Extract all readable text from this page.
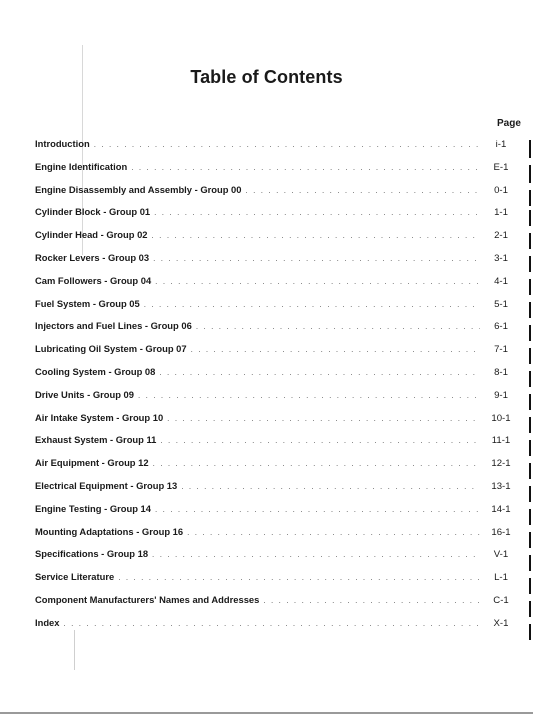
Table of Contents
Page
Introduction . . .	i-1
Engine Identification . . .	E-1
Engine Disassembly and Assembly - Group 00 . . .	0-1
Cylinder Block - Group 01 . . .	1-1
Cylinder Head - Group 02 . . .	2-1
Rocker Levers - Group 03 . . .	3-1
Cam Followers - Group 04 . . .	4-1
Fuel System - Group 05 . . .	5-1
Injectors and Fuel Lines - Group 06 . . .	6-1
Lubricating Oil System - Group 07 . . .	7-1
Cooling System - Group 08 . . .	8-1
Drive Units - Group 09 . . .	9-1
Air Intake System - Group 10 . . .	10-1
Exhaust System - Group 11 . . .	11-1
Air Equipment - Group 12 . . .	12-1
Electrical Equipment - Group 13 . . .	13-1
Engine Testing - Group 14 . . .	14-1
Mounting Adaptations - Group 16 . . .	16-1
Specifications - Group 18 . . .	V-1
Service Literature . . .	L-1
Component Manufacturers' Names and Addresses . . .	C-1
Index . . .	X-1
